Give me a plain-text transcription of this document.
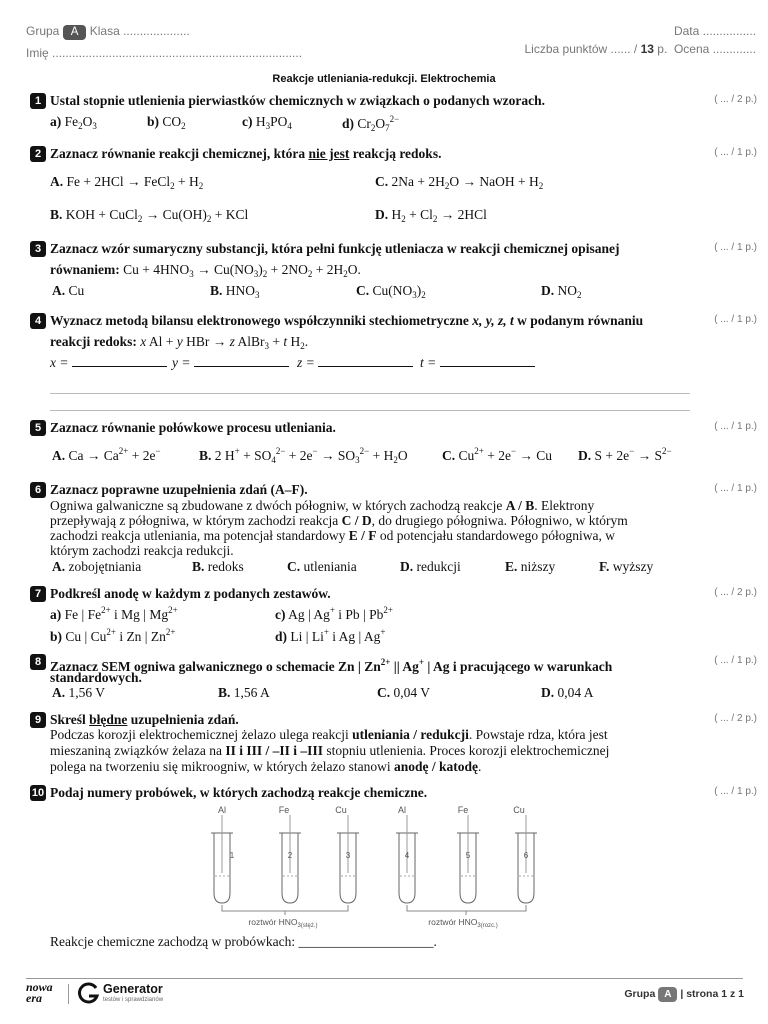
Grupa A Klasa ....................	Data ................
Imię ...........................................................................	Liczba punktów ...... / 13 p. Ocena .............
Reakcje utleniania-redukcji. Elektrochemia
1 Ustal stopnie utlenienia pierwiastków chemicznych w związkach o podanych wzorach.	( ... / 2 p.)
a) $Fe_2O_3$	b) $CO_2$	c) $H_3PO_4$	d) $Cr_2O_7^{2-}$
2 Zaznacz równanie reakcji chemicznej, która nie jest reakcją redoks.	( ... / 1 p.)
A. Fe + 2HCl → FeCl$_2$ + $H_2$	C. $2Na + 2H_2O$ → NaOH + $H_2$
B. KOH + CuCl$_2$ → $Cu(OH)_2$ + KCl	D. $H_2 + Cl_2 \to 2HCl$
3 Zaznacz wzór sumaryczny substancji, która pełni funkcję utleniacza w reakcji chemicznej opisanej
równaniem: $Cu + 4HNO_3 \to Cu(NO_3)_2 + 2NO_2 + 2H_2O$.
( ... / 1 p.)
A. Cu	B. $HNO_3$	C. $Cu(NO_3)_2$	D. $NO_2$
4 Wyznacz metodą bilansu elektronowego współczynniki stechiometryczne x, y, z, t w podanym równaniu
reakcji redoks: x Al + y HBr → z AlBr$_3$ + t $H_2$.
( ... / 1 p.)
x =	y =	z =	t =
5 Zaznacz równanie połówkowe procesu utleniania.	( ... / 1 p.)
A. $Ca \to Ca^{2+} + 2e^-$	B. 2 $H^+ + SO_4^{2-} + 2e^- \to SO_3^{2-} + H_2O$	C. $Cu^{2+} + 2e^- \to Cu$ D. $S + 2e^- \to S^{2-}$
6 Zaznacz poprawne uzupełnienia zdań (A–F).	( ... / 1 p.)
Ogniwa galwaniczne są zbudowane z dwóch półogniw, w których zachodzą reakcje A / B. Elektrony
przepływają z półogniwa, w którym zachodzi reakcja C / D, do drugiego półogniwa. Półogniwo, w którym
zachodzi reakcja utleniania, ma potencjał standardowy E / F od potencjału standardowego półogniwa, w
którym zachodzi reakcja redukcji.
A. zobojętniania	B. redoks	C. utleniania	D. redukcji	E. niższy	F. wyższy
7 Podkreśl anodę w każdym z podanych zestawów.	( ... / 2 p.)
a) Fe | $Fe^{2+}$ i Mg | $Mg^{2+}$	c) Ag | Ag+ i Pb | $Pb^{2+}$
b) Cu | $Cu^{2+}$ i Zn | $Zn^{2+}$	d) Li | Li+ i Ag | Ag+
8 Zaznacz SEM ogniwa galwanicznego o schemacie Zn | $Zn^{2+}$ || Ag+ | Ag i pracującego w warunkach
standardowych.
( ... / 1 p.)
A. 1,56 V	B. 1,56 A	C. 0,04 V	D. 0,04 A
9 Skreśl błędne uzupełnienia zdań.	( ... / 2 p.)
Podczas korozji elektrochemicznej żelazo ulega reakcji utleniania / redukcji. Powstaje rdza, która jest
mieszaniną związków żelaza na II i III / –II i –III stopniu utlenienia. Proces korozji elektrochemicznej
polega na tworzeniu się mikroogniw, w których żelazo stanowi anodę / katodę.
10 Podaj numery probówek, w których zachodzą reakcje chemiczne.	( ... / 1 p.)
Al	Fe	Cu	Al	Fe	Cu
1	2	3	4	5	6
roztwór $HNO_{3(stęż.)}$	roztwór $HNO_{3(rozc.)}$
Reakcje chemiczne zachodzą w probówkach: ____________________.
nowa
era
Generator
testów i sprawdzianów	Grupa A | strona 1 z 1
